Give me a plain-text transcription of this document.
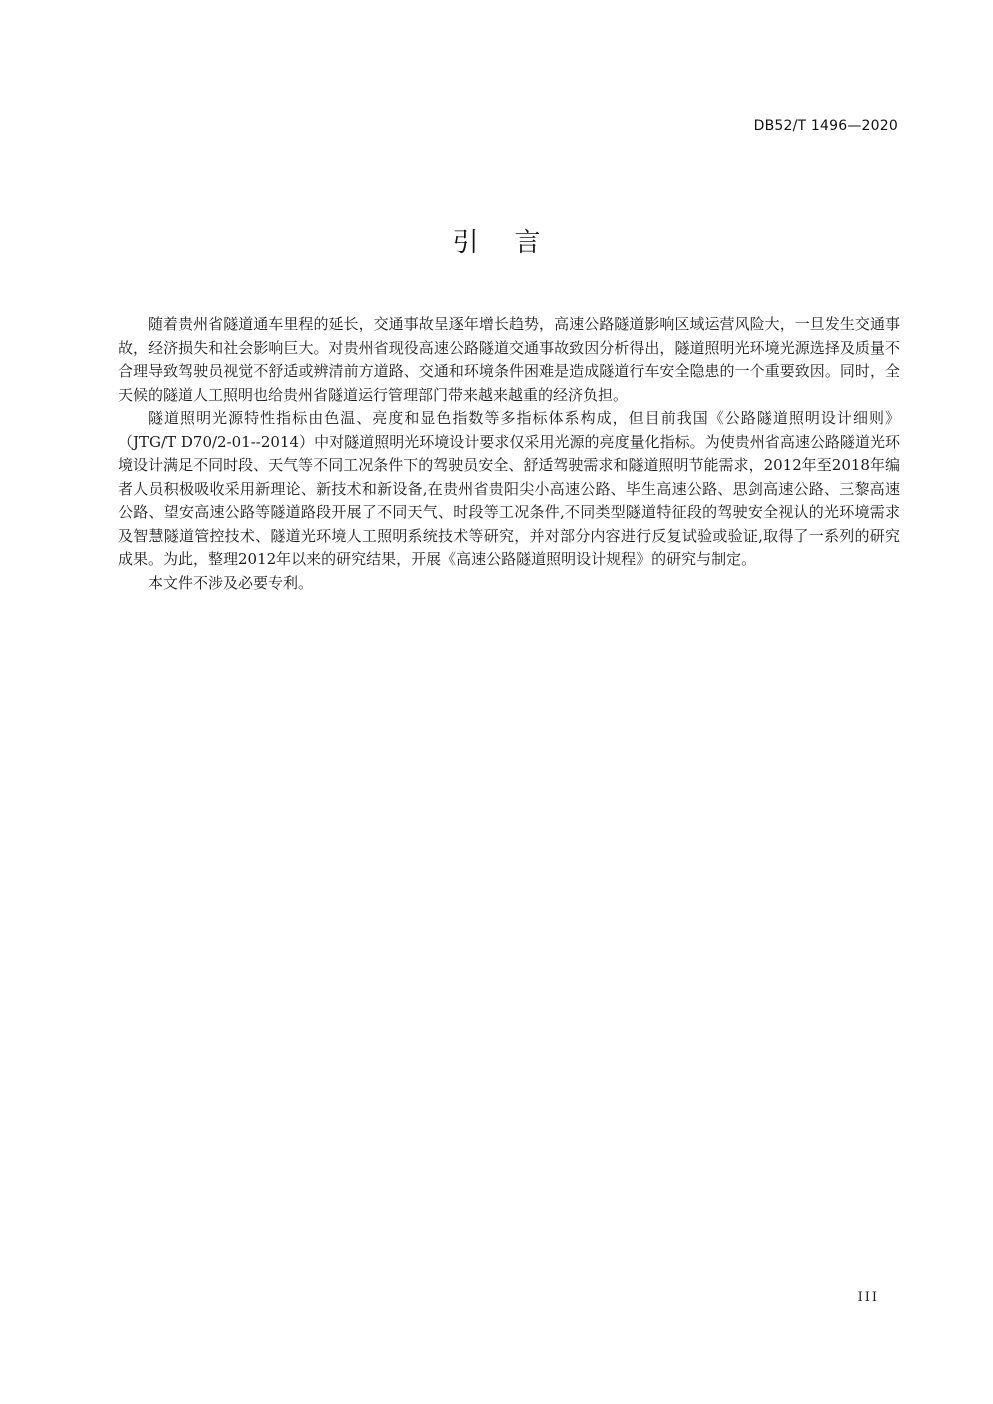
DB52/T 1496—2020
引言

随着贵州省隧道通车里程的延长，交通事故呈逐年增长趋势，高速公路隧道影响区域运营风险大，一旦发生交通事故，经济损失和社会影响巨大。对贵州省现役高速公路隧道交通事故致因分析得出，隧道照明光环境光源选择及质量不合理导致驾驶员视觉不舒适或辨清前方道路、交通和环境条件困难是造成隧道行车安全隐患的一个重要致因。同时，全天候的隧道人工照明也给贵州省隧道运行管理部门带来越来越重的经济负担。

隧道照明光源特性指标由色温、亮度和显色指数等多指标体系构成，但目前我国《公路隧道照明设计细则》（JTG/T D70/2-01--2014）中对隧道照明光环境设计要求仅采用光源的亮度量化指标。为使贵州省高速公路隧道光环境设计满足不同时段、天气等不同工况条件下的驾驶员安全、舒适驾驶需求和隧道照明节能需求，2012年至2018年编者人员积极吸收采用新理论、新技术和新设备,在贵州省贵阳尖小高速公路、毕生高速公路、思剑高速公路、三黎高速公路、望安高速公路等隧道路段开展了不同天气、时段等工况条件,不同类型隧道特征段的驾驶安全视认的光环境需求及智慧隧道管控技术、隧道光环境人工照明系统技术等研究，并对部分内容进行反复试验或验证,取得了一系列的研究成果。为此，整理2012年以来的研究结果，开展《高速公路隧道照明设计规程》的研究与制定。

本文件不涉及必要专利。

III
